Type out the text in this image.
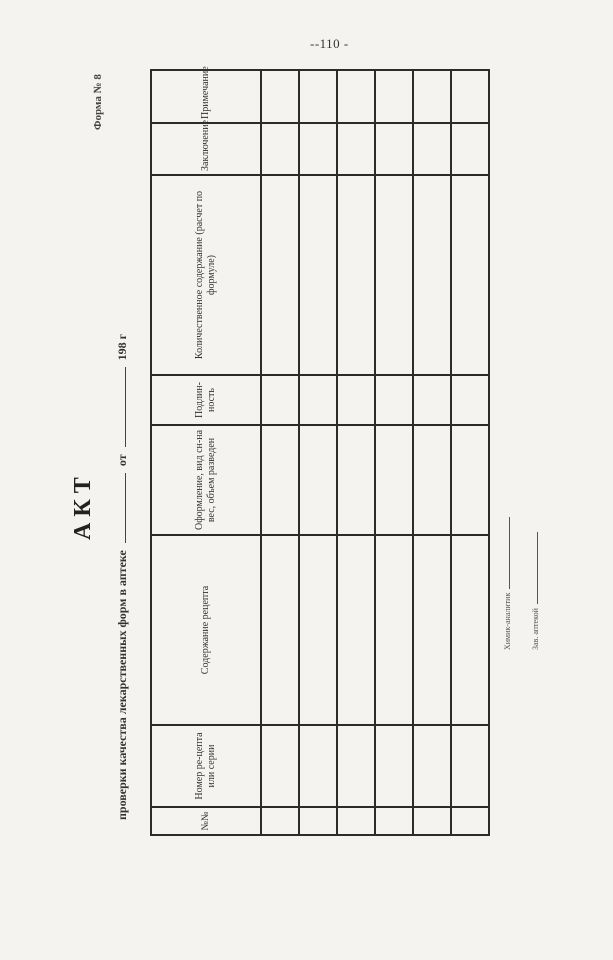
--110 -
Форма № 8
АКТ
проверки качества лекарственных форм в аптеке  от  198 г
№№	Номер ре-цепта или серии	Содержание рецепта	Оформление, вид сн-на вес, объем разведен	Подлин-ность	Количественное содержание (расчет по формуле)	Заключение	Примечание

Химик-аналитик Зав. аптекой
